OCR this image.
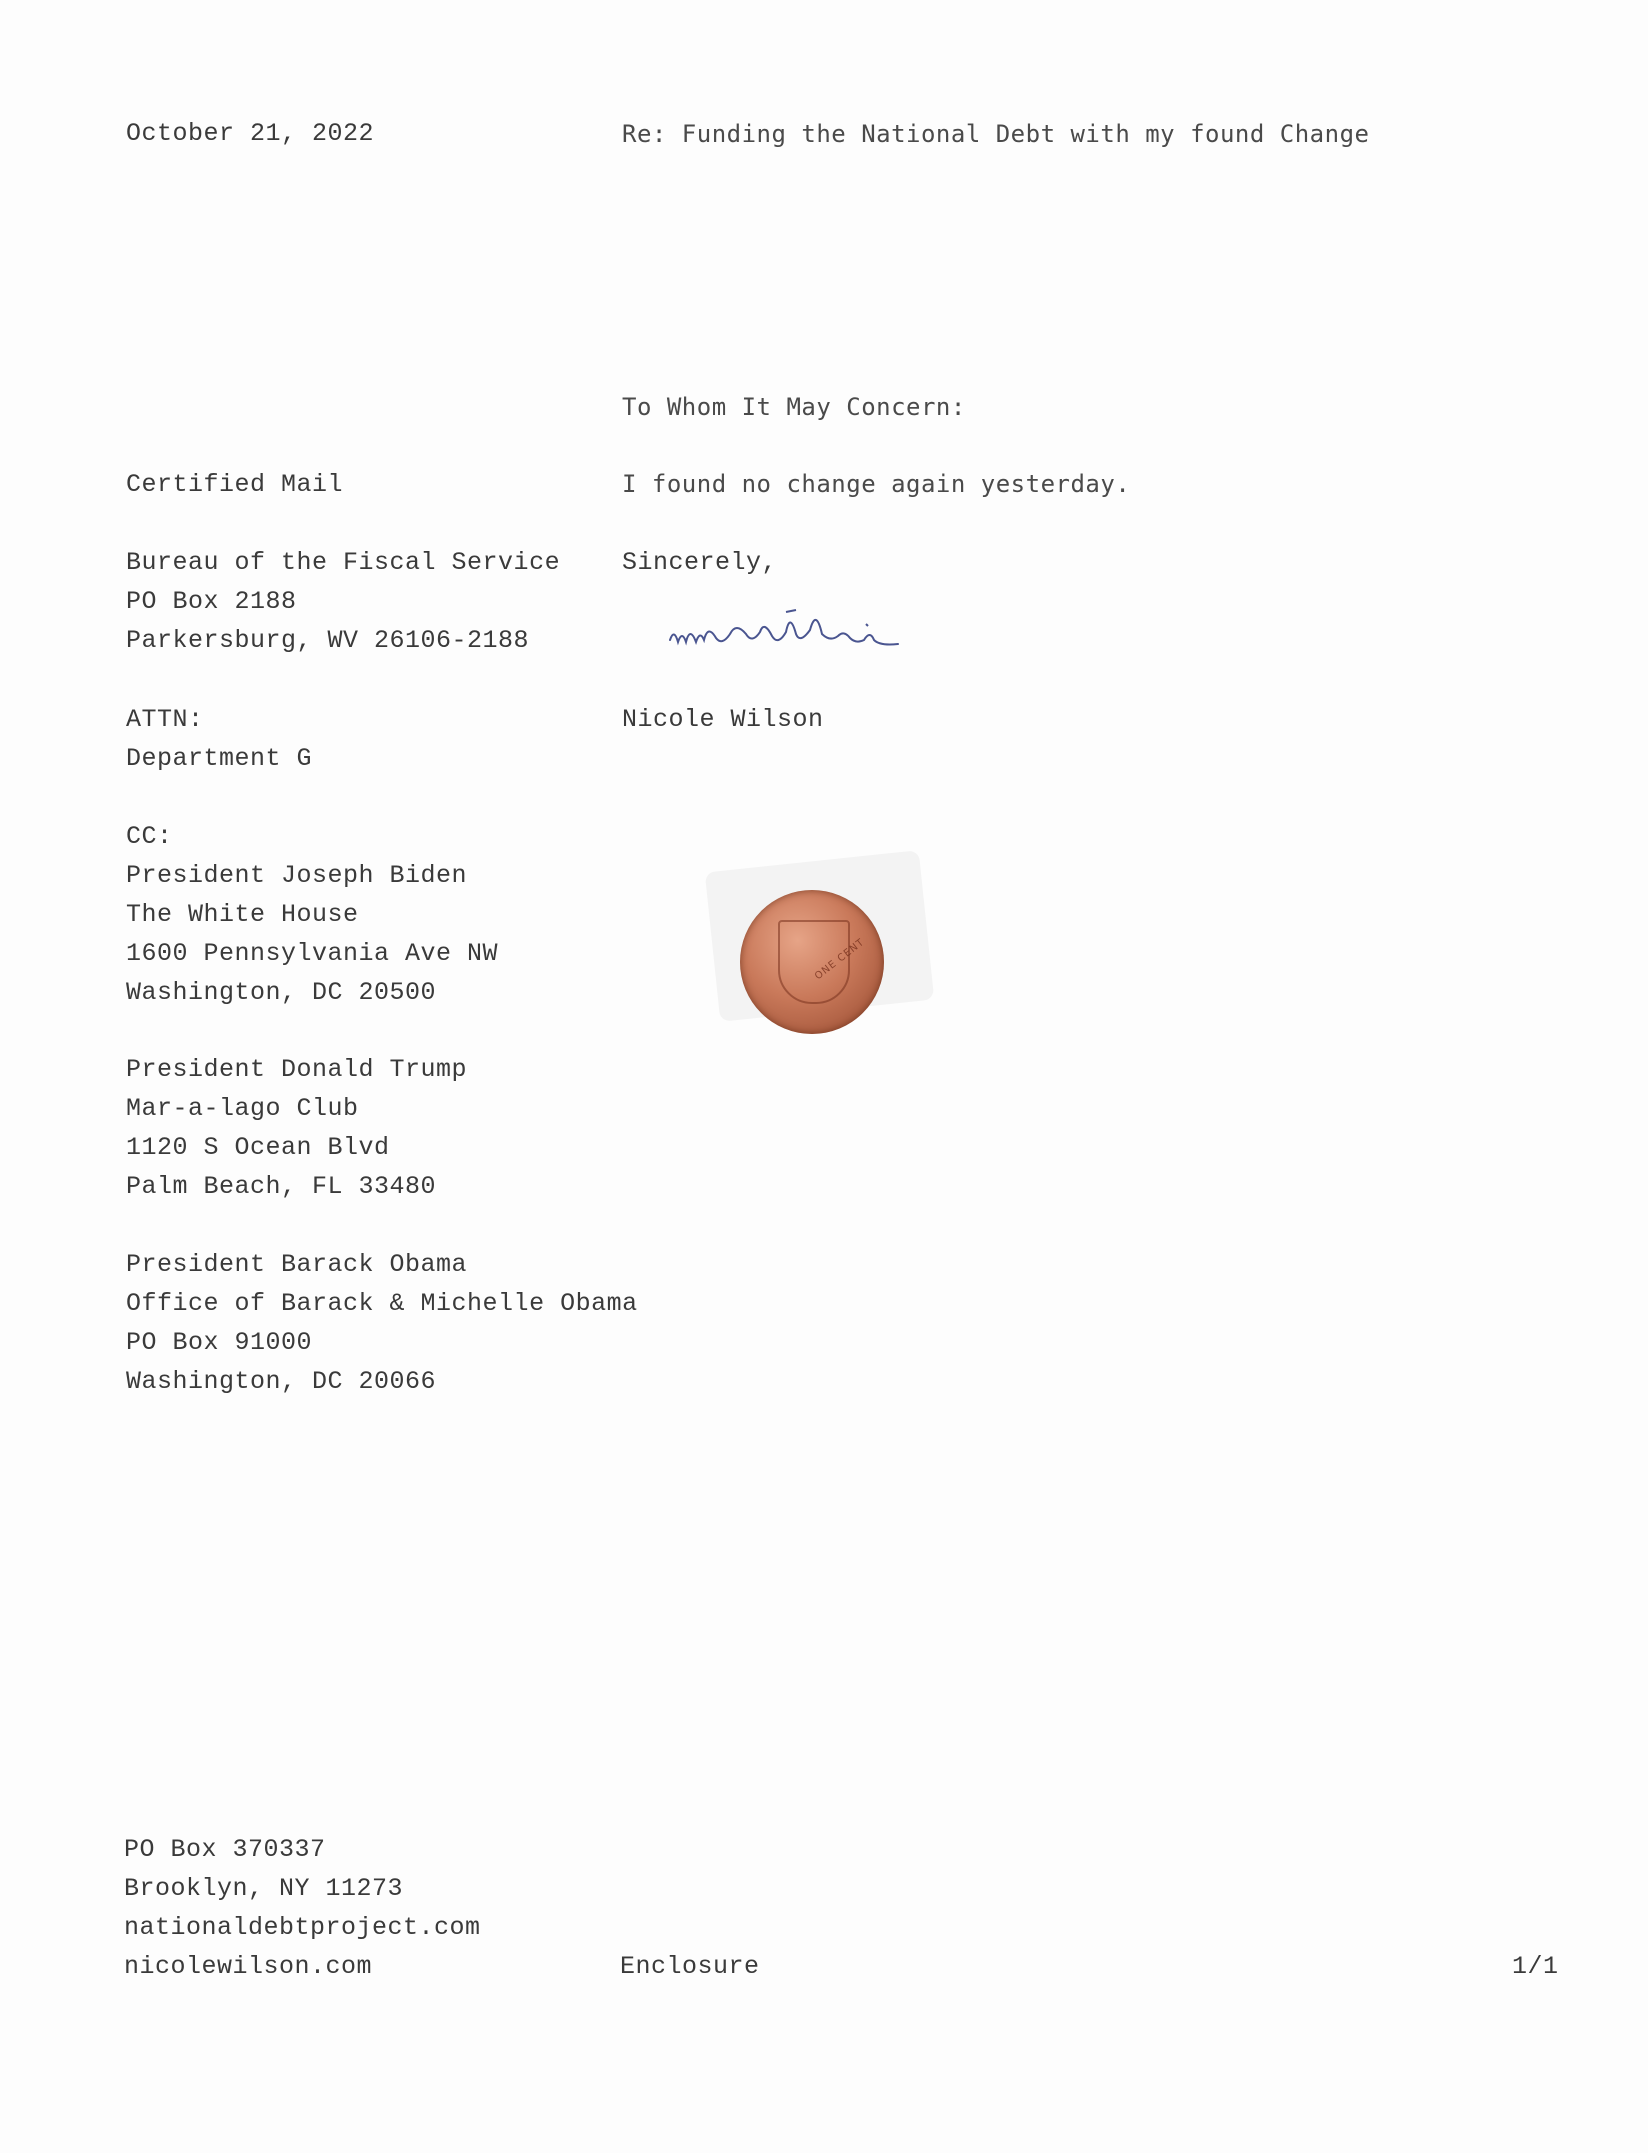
October 21, 2022	Re: Funding the National Debt with my found Change
To Whom It May Concern:
Certified Mail	I found no change again yesterday.
Bureau of the Fiscal Service
PO Box 2188
Parkersburg, WV 26106-2188
Sincerely,
ATTN:
Department G
Nicole Wilson
CC:
President Joseph Biden
The White House
1600 Pennsylvania Ave NW
Washington, DC 20500
President Donald Trump
Mar-a-lago Club
1120 S Ocean Blvd
Palm Beach, FL 33480
President Barack Obama
Office of Barack & Michelle Obama
PO Box 91000
Washington, DC 20066
ONE CENT
PO Box 370337
Brooklyn, NY 11273
nationaldebtproject.com
nicolewilson.com	Enclosure	1/1
